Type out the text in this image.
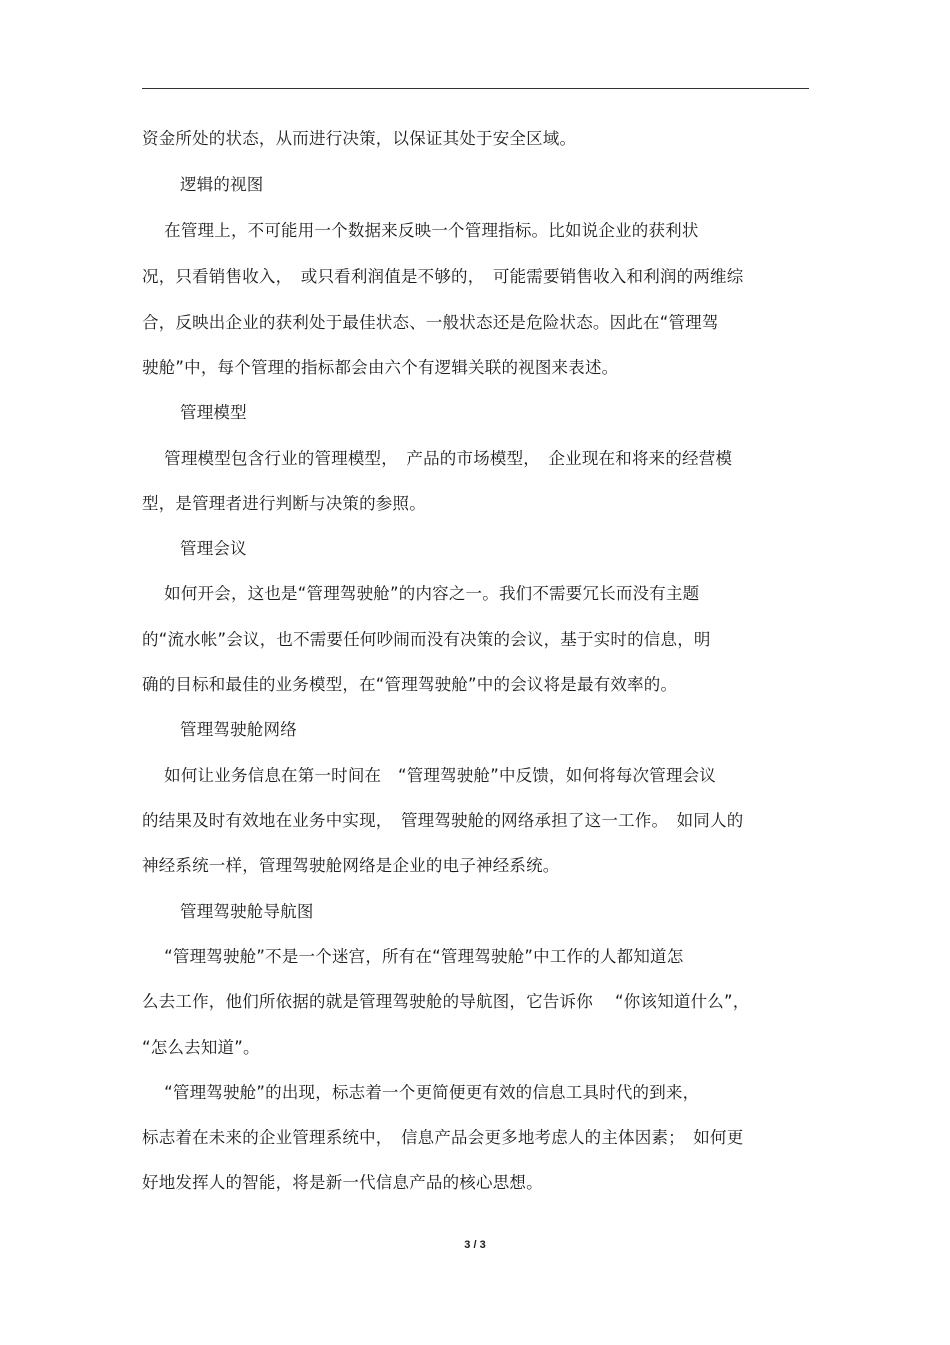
资金所处的状态，从而进行决策，以保证其处于安全区域。
逻辑的视图
　 在管理上，不可能用一个数据来反映一个管理指标。比如说企业的获利状
况，只看销售收入，　或只看利润值是不够的，　可能需要销售收入和利润的两维综
合，反映出企业的获利处于最佳状态、一般状态还是危险状态。因此在“管理驾
驶舱”中，每个管理的指标都会由六个有逻辑关联的视图来表述。
管理模型
　 管理模型包含行业的管理模型，　产品的市场模型，　企业现在和将来的经营模
型，是管理者进行判断与决策的参照。
管理会议
　 如何开会，这也是“管理驾驶舱”的内容之一。我们不需要冗长而没有主题
的“流水帐”会议，也不需要任何吵闹而没有决策的会议，基于实时的信息，明
确的目标和最佳的业务模型，在“管理驾驶舱”中的会议将是最有效率的。
管理驾驶舱网络
　 如何让业务信息在第一时间在　“管理驾驶舱”中反馈，如何将每次管理会议
的结果及时有效地在业务中实现，　管理驾驶舱的网络承担了这一工作。　如同人的
神经系统一样，管理驾驶舱网络是企业的电子神经系统。
管理驾驶舱导航图
　 “管理驾驶舱”不是一个迷宫，所有在“管理驾驶舱”中工作的人都知道怎
么去工作，他们所依据的就是管理驾驶舱的导航图，它告诉你　 “你该知道什么”，
“怎么去知道”。
　 “管理驾驶舱”的出现，标志着一个更简便更有效的信息工具时代的到来，
标志着在未来的企业管理系统中，　信息产品会更多地考虑人的主体因素；　如何更
好地发挥人的智能，将是新一代信息产品的核心思想。
3 / 3
